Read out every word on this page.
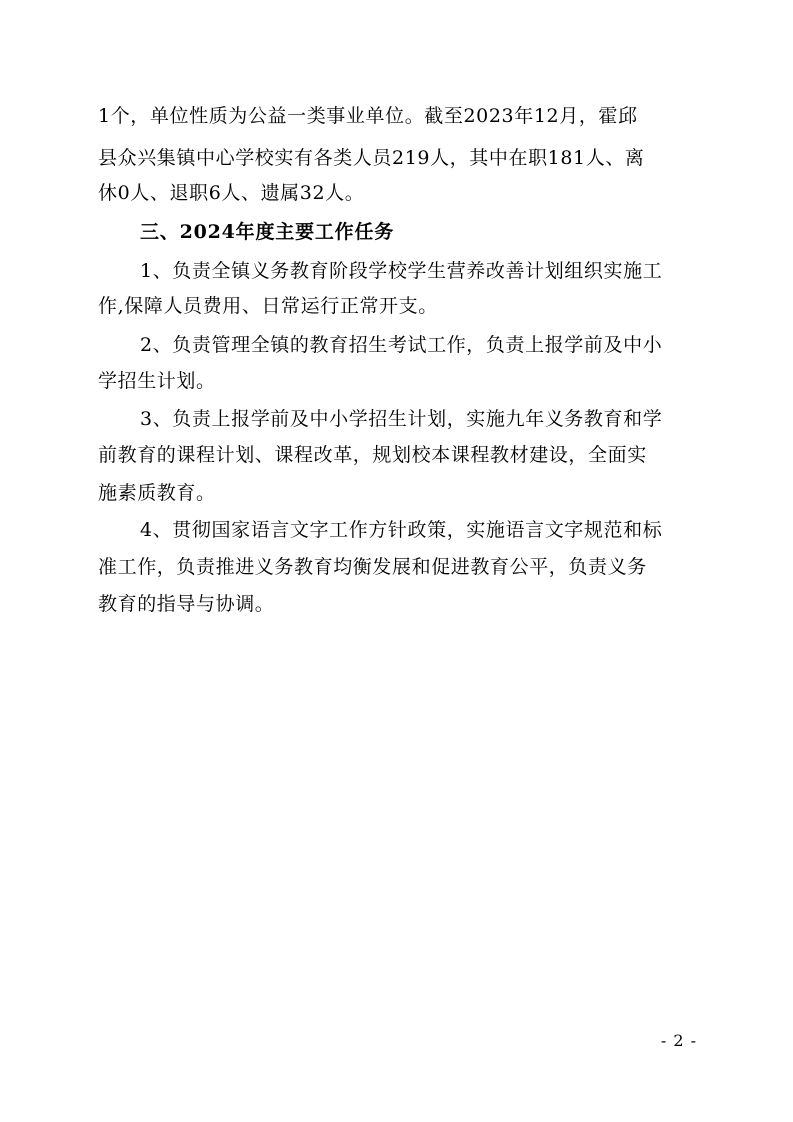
1个，单位性质为公益一类事业单位。截至2023年12月，霍邱
县众兴集镇中心学校实有各类人员219人，其中在职181人、离
休0人、退职6人、遗属32人。
三、2024年度主要工作任务
1、负责全镇义务教育阶段学校学生营养改善计划组织实施工
作,保障人员费用、日常运行正常开支。
2、负责管理全镇的教育招生考试工作，负责上报学前及中小
学招生计划。
3、负责上报学前及中小学招生计划，实施九年义务教育和学
前教育的课程计划、课程改革，规划校本课程教材建设，全面实
施素质教育。
4、贯彻国家语言文字工作方针政策，实施语言文字规范和标
准工作，负责推进义务教育均衡发展和促进教育公平，负责义务
教育的指导与协调。
- 2 -
